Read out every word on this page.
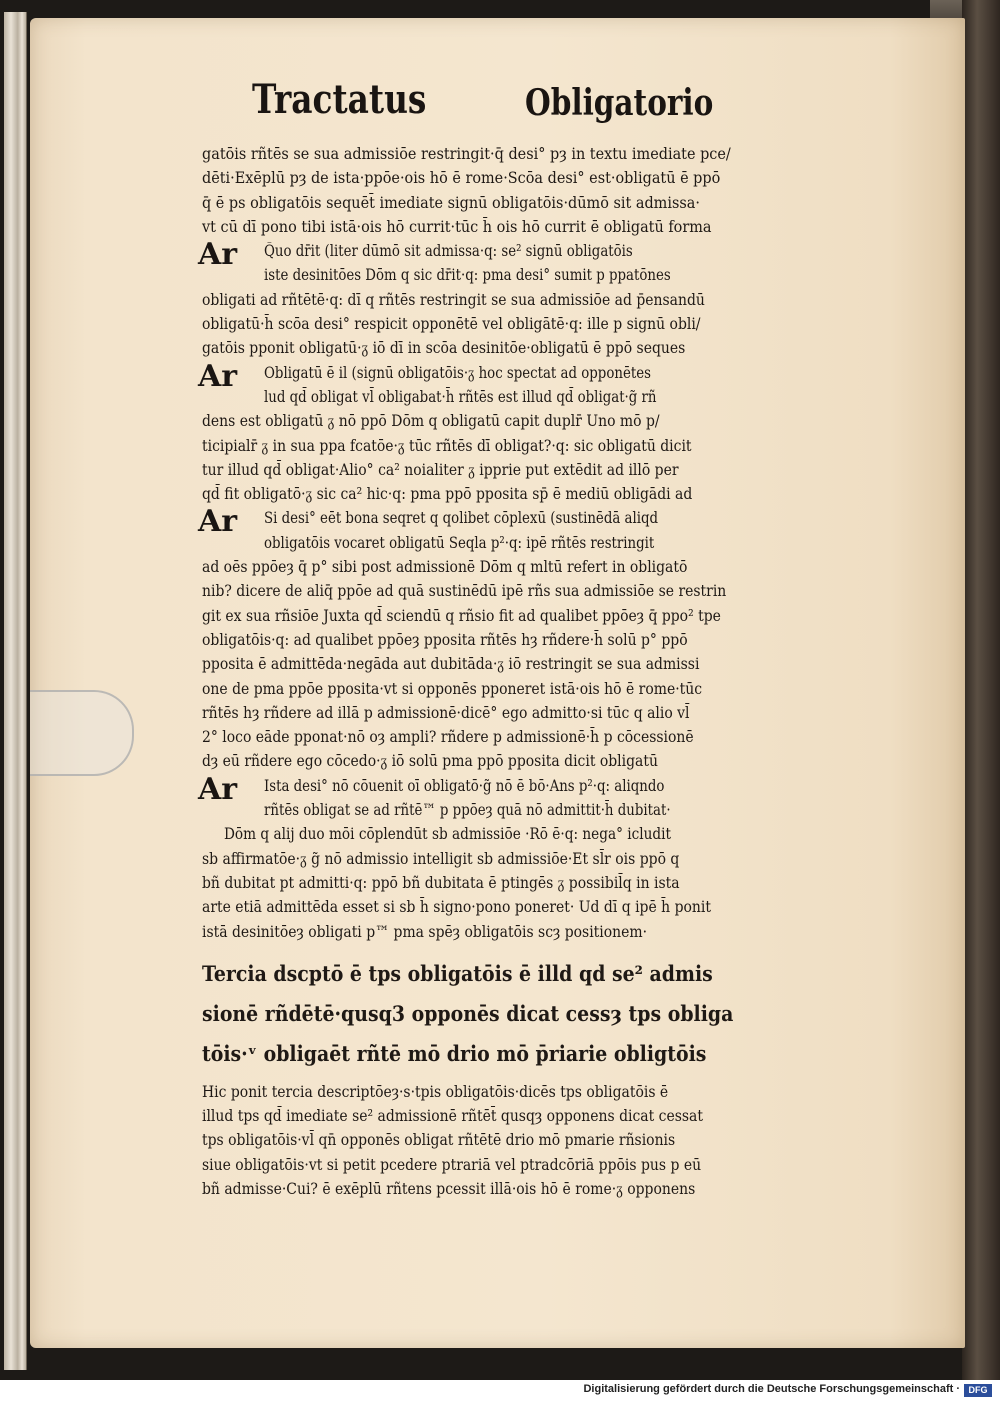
Tractatus	Obligatorio
gatōis rñtēs se sua admissiōe restringit·q̄ desi° pȝ in textu imediate pce/
dēti·Exēplū pȝ de ista·ppōe·ois hō ē rome·Scōa desi° est·obligatū ē ppō
q̄ ē ps obligatōis sequēt̄ imediate signū obligatōis·dūmō sit admissa·
vt cū dī pono tibi istā·ois hō currit·tūc h̄ ois hō currit ē obligatū forma
Ar Q̄uo dr̄it (liter dūmō sit admissa·q: se² signū obligatōis
iste desinitōes Dōm q sic dr̄it·q: pma desi° sumit p ppatōnes
obligati ad rñtētē·q: dī q rñtēs restringit se sua admissiōe ad p̄ensandū
obligatū·h̄ scōa desi° respicit opponētē vel obligātē·q: ille p signū obli/
gatōis pponit obligatū·ᵹ iō dī in scōa desinitōe·obligatū ē ppō seques
Ar Obligatū ē il (signū obligatōis·ᵹ hoc spectat ad opponētes
lud qd̄ obligat vl̄ obligabat·h̄ rñtēs est illud qd̄ obligat·g̃ rñ
dens est obligatū ᵹ nō ppō Dōm q obligatū capit duplr̄ Uno mō p/
ticipialr̄ ᵹ in sua ppa fcatōe·ᵹ tūc rñtēs dī obligat?·q: sic obligatū dicit
tur illud qd̄ obligat·Alio° ca² noialiter ᵹ ipprie put extēdit ad illō per
qd̄ fit obligatō·ᵹ sic ca² hic·q: pma ppō pposita sp̄ ē mediū obligādi ad
Ar Si desi° eēt bona seqret q qolibet cōplexū (sustinēdā aliqd
obligatōis vocaret obligatū Seqla p²·q: ipē rñtēs restringit
ad oēs ppōeȝ q̄ p° sibi post admissionē Dōm q mltū refert in obligatō
nib? dicere de aliq̄ ppōe ad quā sustinēdū ipē rñs sua admissiōe se restrin
git ex sua rñsiōe Juxta qd̄ sciendū q rñsio fit ad qualibet ppōeȝ q̄ ppo² tpe
obligatōis·q: ad qualibet ppōeȝ pposita rñtēs hȝ rñdere·h̄ solū p° ppō
pposita ē admittēda·negāda aut dubitāda·ᵹ iō restringit se sua admissi
one de pma ppōe pposita·vt si opponēs pponeret istā·ois hō ē rome·tūc
rñtēs hȝ rñdere ad illā p admissionē·dicē° ego admitto·si tūc q alio vl̄
2° loco eāde pponat·nō oȝ ampli? rñdere p admissionē·h̄ p cōcessionē
dȝ eū rñdere ego cōcedo·ᵹ iō solū pma ppō pposita dicit obligatū
Ar Ista desi° nō cōuenit oī obligatō·g̃ nō ē bō·Ans p²·q: aliqndo
rñtēs obligat se ad rñtē™ p ppōeȝ quā nō admittit·h̄ dubitat·
Dōm q alij duo mōi cōplendūt sb admissiōe ·Rō ē·q: nega° icludit
sb affirmatōe·ᵹ g̃ nō admissio intelligit sb admissiōe·Et sl̄r ois ppō q
bñ dubitat pt admitti·q: ppō bñ dubitata ē ptingēs ᵹ possibil̄q in ista
arte etiā admittēda esset si sb h̄ signo·pono poneret· Ud dī q ipē h̄ ponit
istā desinitōeȝ obligati p™ pma spēȝ obligatōis scȝ positionem·
Tercia dscptō ē tps obligatōis ē illd qd se² admis
sionē rñdētē·qusq3 opponēs dicat cessȝ tps obliga
tōis·ᵛ obligaēt rñtē mō drio mō p̄riarie obligtōis
Hic ponit tercia descriptōeȝ·s·tpis obligatōis·dicēs tps obligatōis ē
illud tps qd̄ imediate se² admissionē rñtēt̄ qusqȝ opponens dicat cessat
tps obligatōis·vl̄ qn̄ opponēs obligat rñtētē drio mō pmarie rñsionis
siue obligatōis·vt si petit pcedere ptrariā vel ptradcōriā ppōis pus p eū
bñ admisse·Cui? ē exēplū rñtens pcessit illā·ois hō ē rome·ᵹ opponens
Digitalisierung gefördert durch die Deutsche Forschungsgemeinschaft · DFG
